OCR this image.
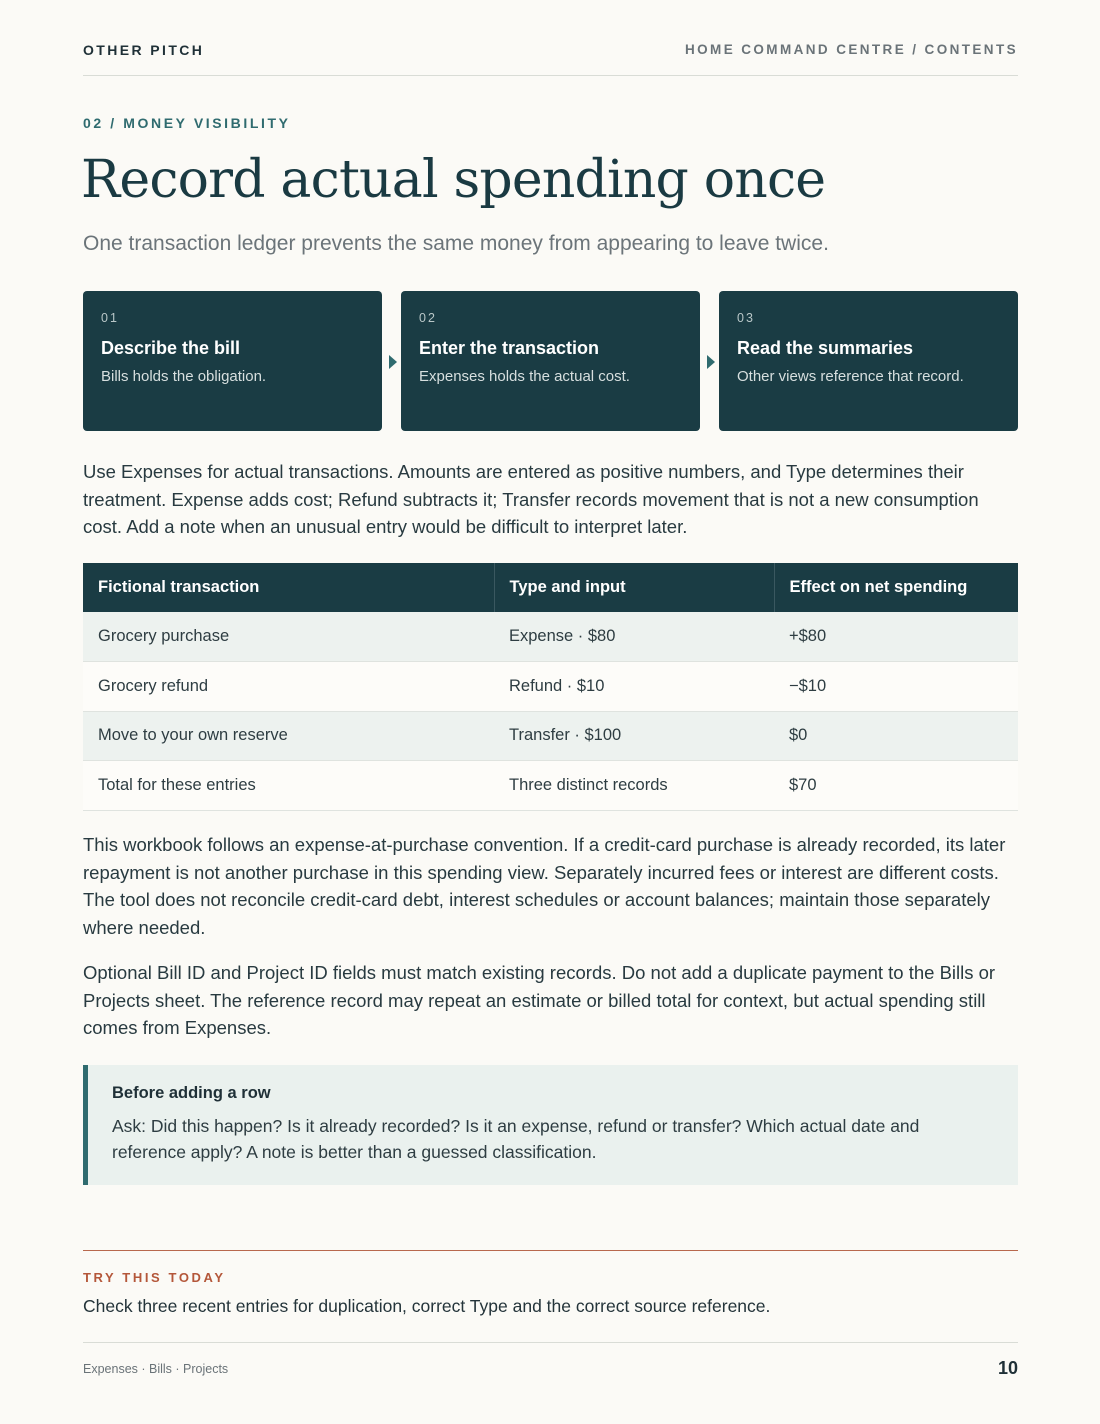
OTHER PITCH	HOME COMMAND CENTRE / CONTENTS
02 / MONEY VISIBILITY
Record actual spending once
One transaction ledger prevents the same money from appearing to leave twice.
01
Describe the bill
Bills holds the obligation.
02
Enter the transaction
Expenses holds the actual cost.
03
Read the summaries
Other views reference that record.

Use Expenses for actual transactions. Amounts are entered as positive numbers, and Type determines their treatment. Expense adds cost; Refund subtracts it; Transfer records movement that is not a new consumption cost. Add a note when an unusual entry would be difficult to interpret later.

Fictional transaction	Type and input	Effect on net spending
Grocery purchase	Expense · $80	+$80
Grocery refund	Refund · $10	−$10
Move to your own reserve	Transfer · $100	$0
Total for these entries	Three distinct records	$70

This workbook follows an expense-at-purchase convention. If a credit-card purchase is already recorded, its later repayment is not another purchase in this spending view. Separately incurred fees or interest are different costs. The tool does not reconcile credit-card debt, interest schedules or account balances; maintain those separately where needed.

Optional Bill ID and Project ID fields must match existing records. Do not add a duplicate payment to the Bills or Projects sheet. The reference record may repeat an estimate or billed total for context, but actual spending still comes from Expenses.

Before adding a row
Ask: Did this happen? Is it already recorded? Is it an expense, refund or transfer? Which actual date and reference apply? A note is better than a guessed classification.
TRY THIS TODAY
Check three recent entries for duplication, correct Type and the correct source reference.
Expenses · Bills · Projects	10
